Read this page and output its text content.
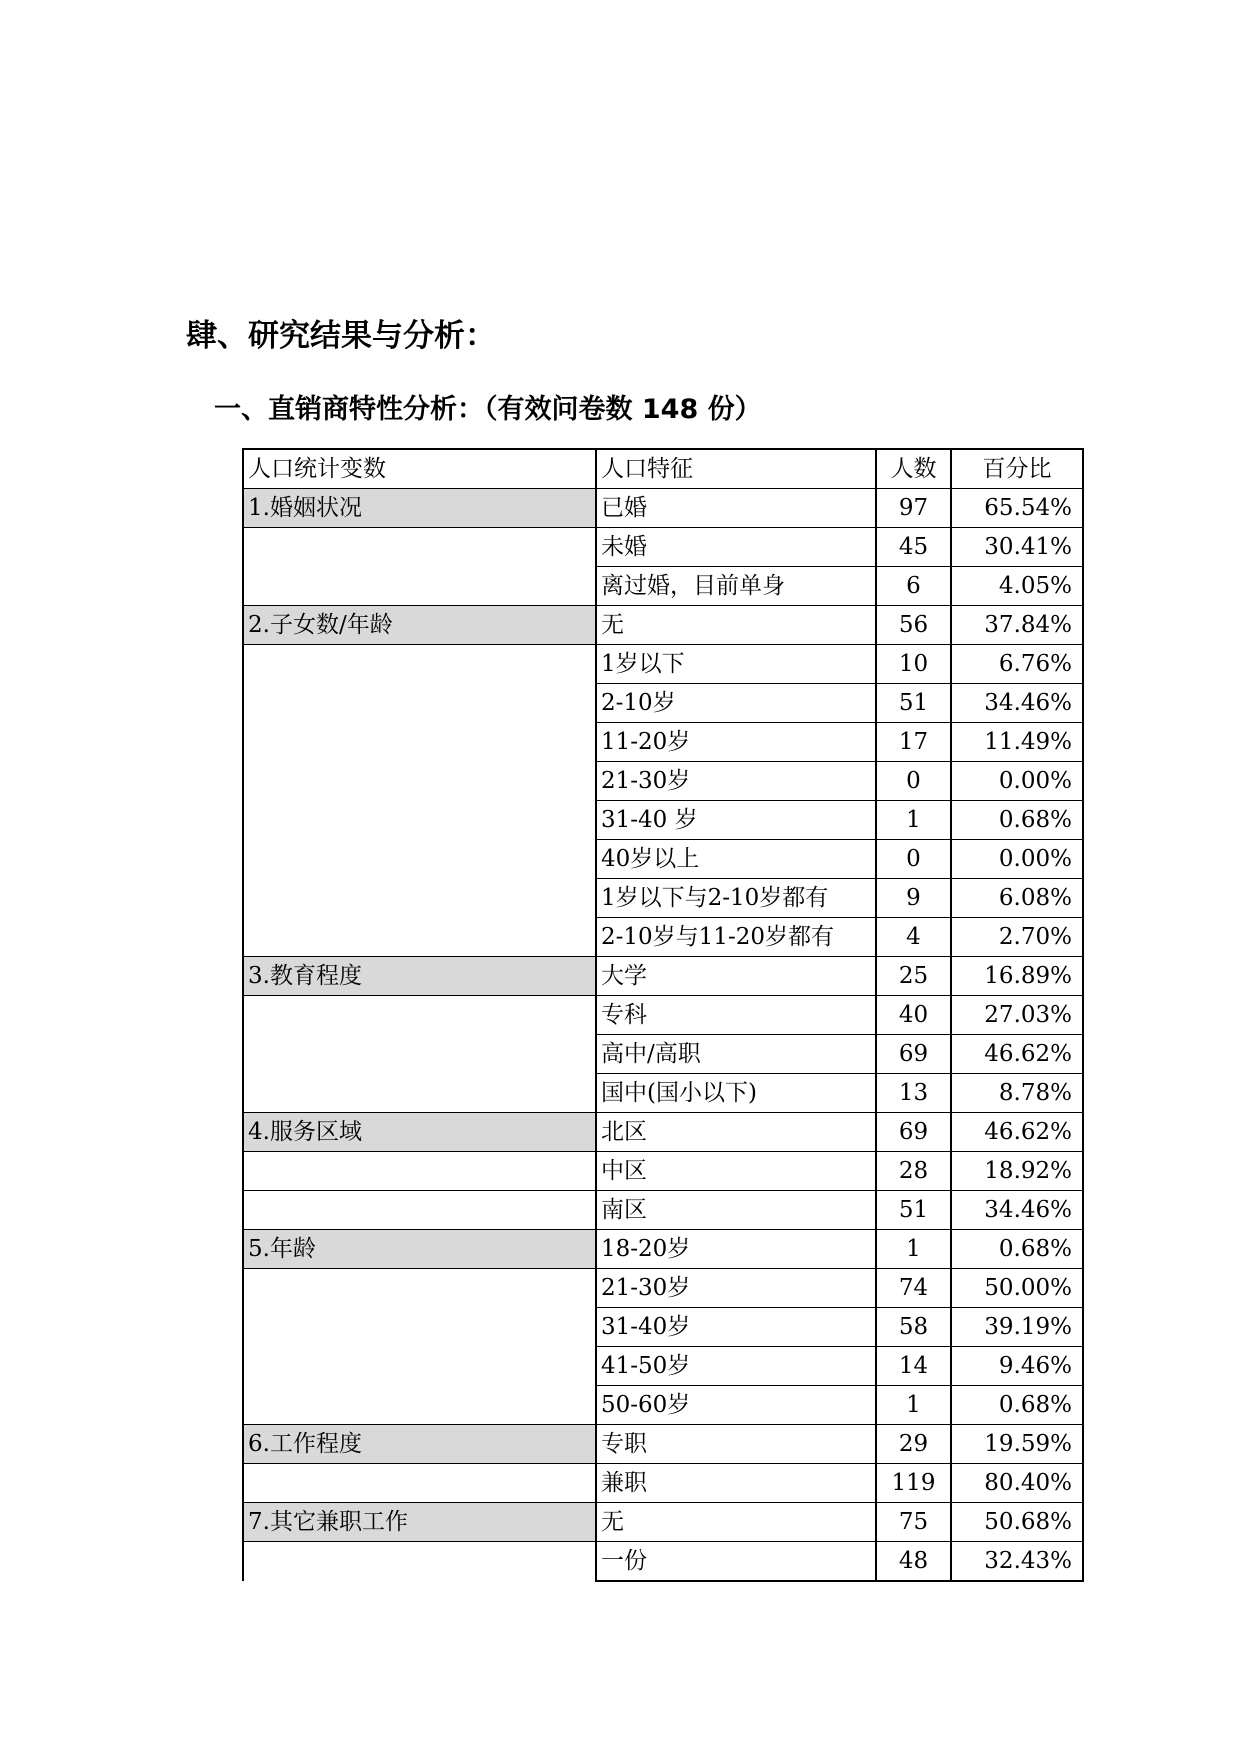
肆、研究结果与分析：
一、直销商特性分析：（有效问卷数 148 份）
人口统计变数	人口特征	人数	百分比
1.婚姻状况	已婚	97	65.54%
	未婚	45	30.41%
	离过婚，目前单身	6	4.05%
2.子女数/年龄	无	56	37.84%
	1岁以下	10	6.76%
	2-10岁	51	34.46%
	11-20岁	17	11.49%
	21-30岁	0	0.00%
	31-40 岁	1	0.68%
	40岁以上	0	0.00%
	1岁以下与2-10岁都有	9	6.08%
	2-10岁与11-20岁都有	4	2.70%
3.教育程度	大学	25	16.89%
	专科	40	27.03%
	高中/高职	69	46.62%
	国中(国小以下)	13	8.78%
4.服务区域	北区	69	46.62%
	中区	28	18.92%
	南区	51	34.46%
5.年龄	18-20岁	1	0.68%
	21-30岁	74	50.00%
	31-40岁	58	39.19%
	41-50岁	14	9.46%
	50-60岁	1	0.68%
6.工作程度	专职	29	19.59%
	兼职	119	80.40%
7.其它兼职工作	无	75	50.68%
	一份	48	32.43%
